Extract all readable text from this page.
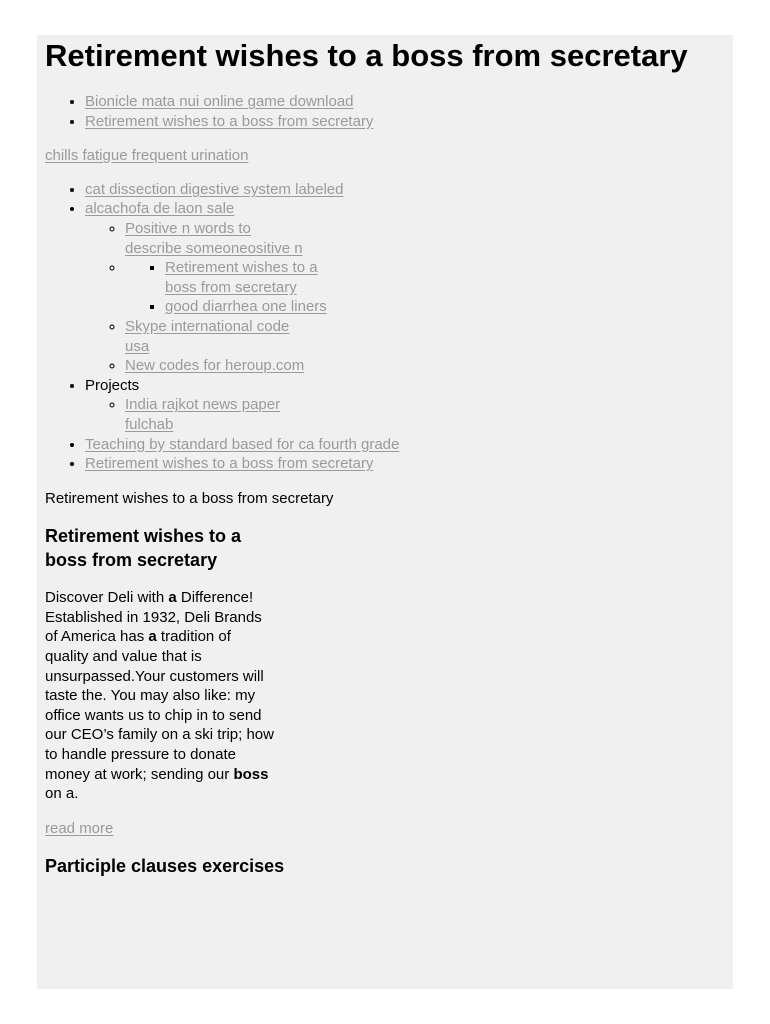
Retirement wishes to a boss from secretary
• Bionicle mata nui online game download
• Retirement wishes to a boss from secretary
chills fatigue frequent urination
• cat dissection digestive system labeled
• alcachofa de laon sale
◦ Positive n words to describe someoneositive n
▪ ◦ Retirement wishes to a boss from secretary
▪ good diarrhea one liners
◦ Skype international code usa
◦ New codes for heroup.com
• Projects
◦ India rajkot news paper fulchab
• Teaching by standard based for ca fourth grade
• Retirement wishes to a boss from secretary

Retirement wishes to a boss from secretary

Retirement wishes to a boss from secretary

Discover Deli with a Difference! Established in 1932, Deli Brands of America has a tradition of quality and value that is unsurpassed.Your customers will taste the. You may also like: my office wants us to chip in to send our CEO’s family on a ski trip; how to handle pressure to donate money at work; sending our boss on a.

read more
Participle clauses exercises
